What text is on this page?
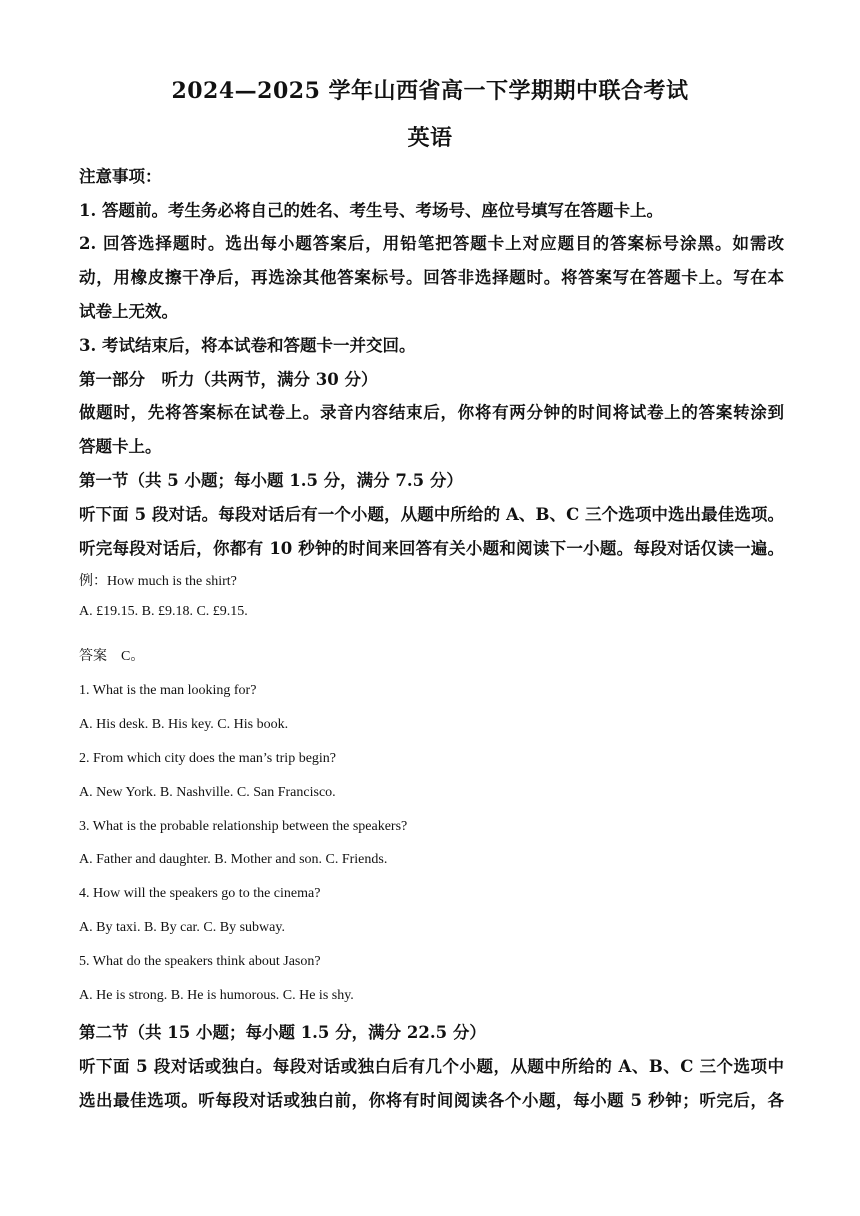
2024—2025 学年山西省高一下学期期中联合考试
英语
注意事项：
1. 答题前。考生务必将自己的姓名、考生号、考场号、座位号填写在答题卡上。
2. 回答选择题时。选出每小题答案后，用铅笔把答题卡上对应题目的答案标号涂黑。如需改
动，用橡皮擦干净后，再选涂其他答案标号。回答非选择题时。将答案写在答题卡上。写在本
试卷上无效。
3. 考试结束后，将本试卷和答题卡一并交回。
第一部分　听力（共两节，满分 30 分）
做题时，先将答案标在试卷上。录音内容结束后，你将有两分钟的时间将试卷上的答案转涂到
答题卡上。
第一节（共 5 小题；每小题 1.5 分，满分 7.5 分）
听下面 5 段对话。每段对话后有一个小题，从题中所给的 A、B、C 三个选项中选出最佳选项。
听完每段对话后，你都有 10 秒钟的时间来回答有关小题和阅读下一小题。每段对话仅读一遍。
例：How much is the shirt?
A. £19.15. B. £9.18. C. £9.15.
答案　C。
1. What is the man looking for?
A. His desk. B. His key. C. His book.
2. From which city does the man’s trip begin?
A. New York. B. Nashville. C. San Francisco.
3. What is the probable relationship between the speakers?
A. Father and daughter. B. Mother and son. C. Friends.
4. How will the speakers go to the cinema?
A. By taxi. B. By car. C. By subway.
5. What do the speakers think about Jason?
A. He is strong. B. He is humorous. C. He is shy.
第二节（共 15 小题；每小题 1.5 分，满分 22.5 分）
听下面 5 段对话或独白。每段对话或独白后有几个小题，从题中所给的 A、B、C 三个选项中
选出最佳选项。听每段对话或独白前，你将有时间阅读各个小题，每小题 5 秒钟；听完后，各
